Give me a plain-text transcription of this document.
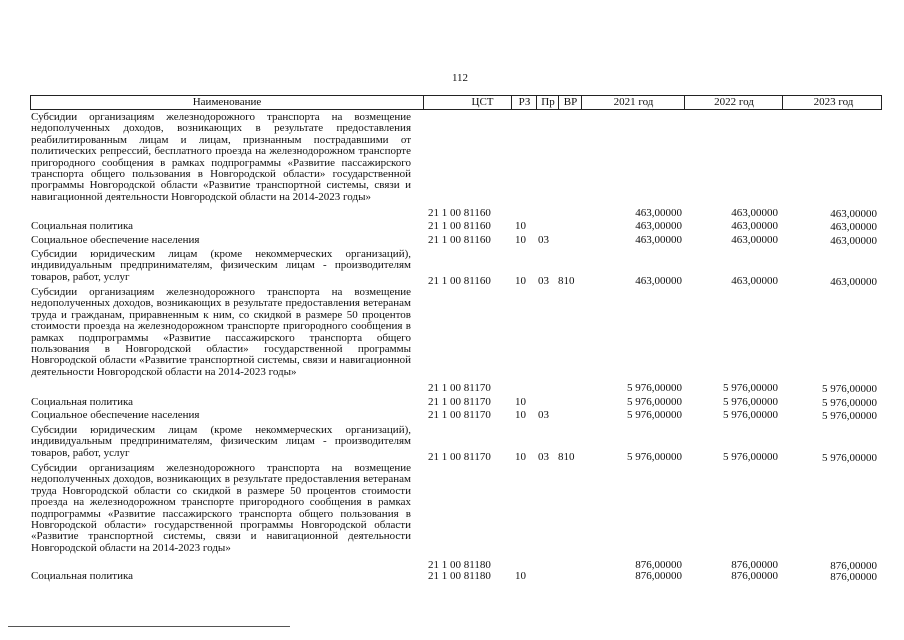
112
Наименование	ЦСТ	РЗ Пр ВР	2021 год	2022 год	2023 год
Субсидии организациям железнодорожного транспорта на возмещение недополученных доходов, возникающих в результате предоставления реабилитированным лицам и лицам, признанным пострадавшими от политических репрессий, бесплатного проезда на железнодорожном транспорте пригородного сообщения в рамках подпрограммы «Развитие пассажирского транспорта общего пользования в Новгородской области» государственной программы Новгородской области «Развитие транспортной системы, связи и навигационной деятельности Новгородской области на 2014-2023 годы»
21 1 00 81160	463,00000	463,00000	463,00000
Социальная политика	21 1 00 81160 10	463,00000	463,00000	463,00000
Социальное обеспечение населения	21 1 00 81160 10 03	463,00000	463,00000	463,00000
Субсидии юридическим лицам (кроме некоммерческих организаций), индивидуальным предпринимателям, физическим лицам - производителям товаров, работ, услуг	21 1 00 81160 10 03 810	463,00000	463,00000	463,00000
Субсидии организациям железнодорожного транспорта на возмещение недополученных доходов, возникающих в результате предоставления ветеранам труда и гражданам, приравненным к ним, со скидкой в размере 50 процентов стоимости проезда на железнодорожном транспорте пригородного сообщения в рамках подпрограммы «Развитие пассажирского транспорта общего пользования в Новгородской области» государственной программы Новгородской области «Развитие транспортной системы, связи и навигационной деятельности Новгородской области на 2014-2023 годы»
21 1 00 81170	5 976,00000	5 976,00000	5 976,00000
Социальная политика	21 1 00 81170 10	5 976,00000	5 976,00000	5 976,00000
Социальное обеспечение населения	21 1 00 81170 10 03	5 976,00000	5 976,00000	5 976,00000
Субсидии юридическим лицам (кроме некоммерческих организаций), индивидуальным предпринимателям, физическим лицам - производителям товаров, работ, услуг	21 1 00 81170 10 03 810	5 976,00000	5 976,00000	5 976,00000
Субсидии организациям железнодорожного транспорта на возмещение недополученных доходов, возникающих в результате предоставления ветеранам труда Новгородской области со скидкой в размере 50 процентов стоимости проезда на железнодорожном транспорте пригородного сообщения в рамках подпрограммы «Развитие пассажирского транспорта общего пользования в Новгородской области» государственной программы Новгородской области «Развитие транспортной системы, связи и навигационной деятельности Новгородской области на 2014-2023 годы»
21 1 00 81180	876,00000	876,00000	876,00000
Социальная политика	21 1 00 81180 10	876,00000	876,00000	876,00000
